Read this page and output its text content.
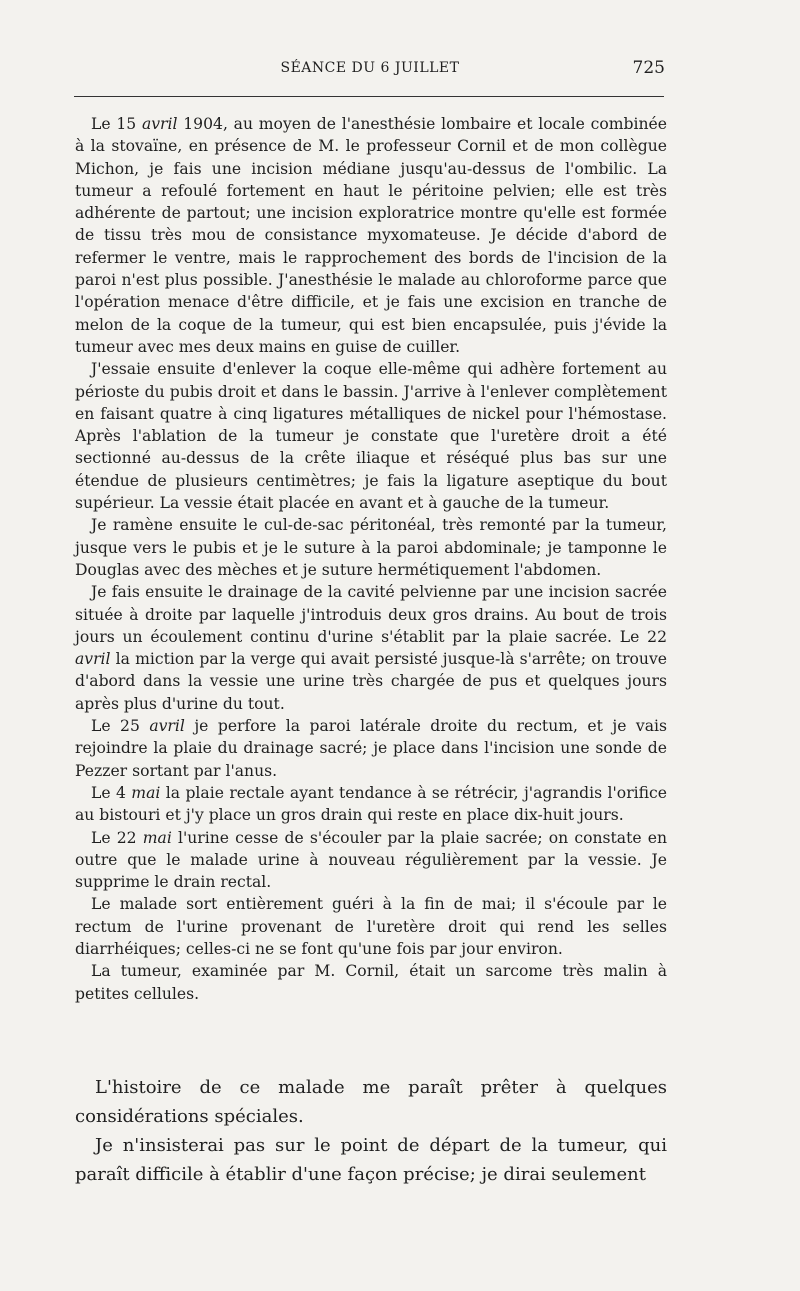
SÉANCE DU 6 JUILLET	725

Le 15 avril 1904, au moyen de l'anesthésie lombaire et locale combinée à la stovaïne, en présence de M. le professeur Cornil et de mon collègue Michon, je fais une incision médiane jusqu'au-dessus de l'ombilic. La tumeur a refoulé fortement en haut le péritoine pelvien; elle est très adhérente de partout; une incision exploratrice montre qu'elle est formée de tissu très mou de consistance myxomateuse. Je décide d'abord de refermer le ventre, mais le rapprochement des bords de l'incision de la paroi n'est plus possible. J'anesthésie le malade au chloroforme parce que l'opération menace d'être difficile, et je fais une excision en tranche de melon de la coque de la tumeur, qui est bien encapsulée, puis j'évide la tumeur avec mes deux mains en guise de cuiller.

J'essaie ensuite d'enlever la coque elle-même qui adhère fortement au périoste du pubis droit et dans le bassin. J'arrive à l'enlever complètement en faisant quatre à cinq ligatures métalliques de nickel pour l'hémostase. Après l'ablation de la tumeur je constate que l'uretère droit a été sectionné au-dessus de la crête iliaque et réséqué plus bas sur une étendue de plusieurs centimètres; je fais la ligature aseptique du bout supérieur. La vessie était placée en avant et à gauche de la tumeur.

Je ramène ensuite le cul-de-sac péritonéal, très remonté par la tumeur, jusque vers le pubis et je le suture à la paroi abdominale; je tamponne le Douglas avec des mèches et je suture hermétiquement l'abdomen.

Je fais ensuite le drainage de la cavité pelvienne par une incision sacrée située à droite par laquelle j'introduis deux gros drains. Au bout de trois jours un écoulement continu d'urine s'établit par la plaie sacrée. Le 22 avril la miction par la verge qui avait persisté jusque-là s'arrête; on trouve d'abord dans la vessie une urine très chargée de pus et quelques jours après plus d'urine du tout.

Le 25 avril je perfore la paroi latérale droite du rectum, et je vais rejoindre la plaie du drainage sacré; je place dans l'incision une sonde de Pezzer sortant par l'anus.

Le 4 mai la plaie rectale ayant tendance à se rétrécir, j'agrandis l'orifice au bistouri et j'y place un gros drain qui reste en place dix-huit jours.

Le 22 mai l'urine cesse de s'écouler par la plaie sacrée; on constate en outre que le malade urine à nouveau régulièrement par la vessie. Je supprime le drain rectal.

Le malade sort entièrement guéri à la fin de mai; il s'écoule par le rectum de l'urine provenant de l'uretère droit qui rend les selles diarrhéiques; celles-ci ne se font qu'une fois par jour environ.

La tumeur, examinée par M. Cornil, était un sarcome très malin à petites cellules.

L'histoire de ce malade me paraît prêter à quelques considérations spéciales.

Je n'insisterai pas sur le point de départ de la tumeur, qui paraît difficile à établir d'une façon précise; je dirai seulement
